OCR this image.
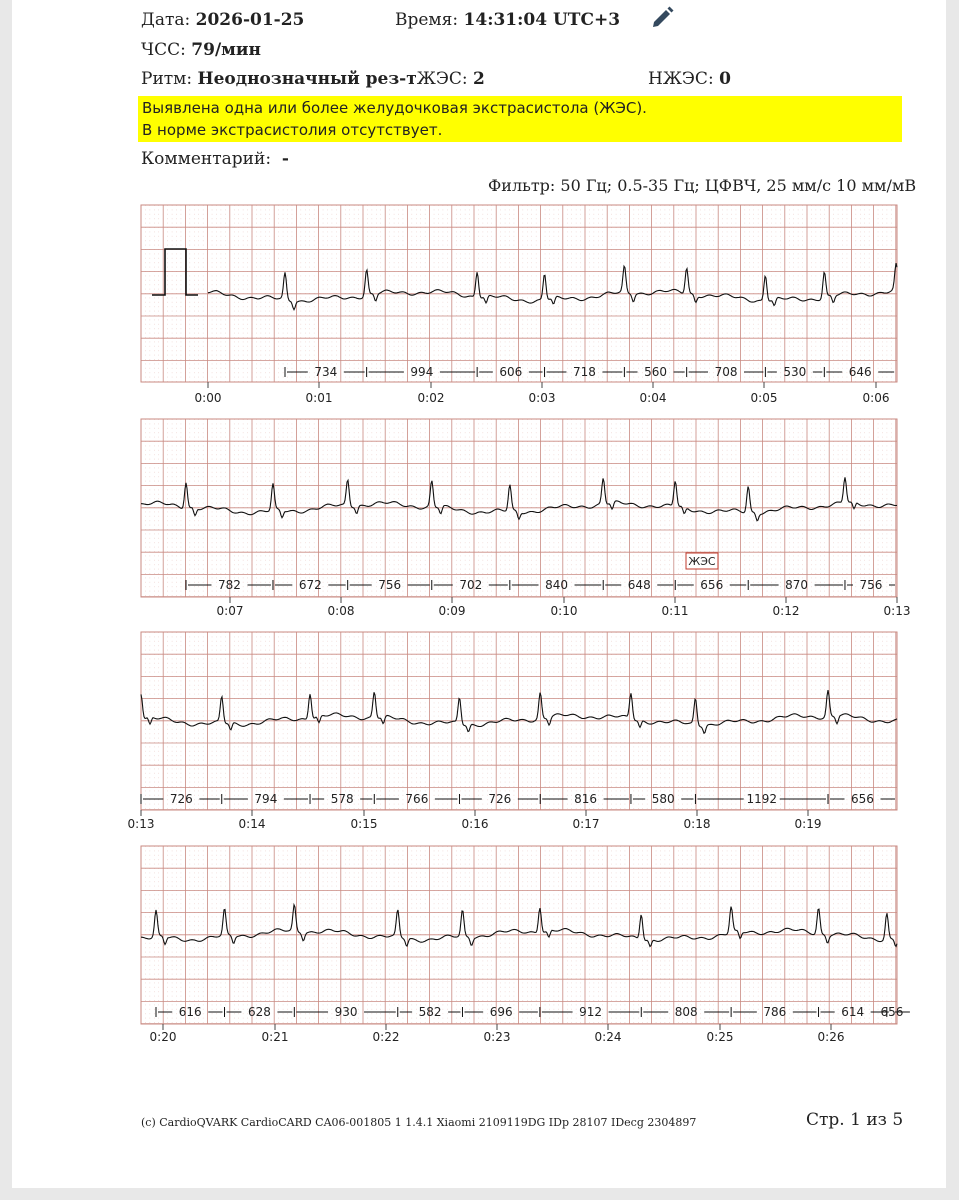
Дата: 2026-01-25	Время: 14:31:04 UTC+3
ЧСС: 79/мин
Ритм: Неоднозначный рез-тЖЭС: 2	НЖЭС: 0
Выявлена одна или более желудочковая экстрасистола (ЖЭС).
В норме экстрасистолия отсутствует.
Комментарий: -
Фильтр: 50 Гц; 0.5-35 Гц; ЦФВЧ, 25 мм/с 10 мм/мВ
734	994	606	718	560	708	530	646
0:00	0:01	0:02	0:03	0:04	0:05	0:06
782	672	756	702	840	648	656	870	756
0:07	0:08	0:09	0:10	0:11	0:12	0:13
ЖЭС
726	794	578	766	726	816	580	1192	656
0:13	0:14	0:15	0:16	0:17	0:18	0:19
616	628	930	582	696	912	808	786	614 656
0:20	0:21	0:22	0:23	0:24	0:25	0:26
(c) CardioQVARK CardioCARD CA06-001805 1 1.4.1 Xiaomi 2109119DG IDp 28107 IDecg 2304897	Стр. 1 из 5
